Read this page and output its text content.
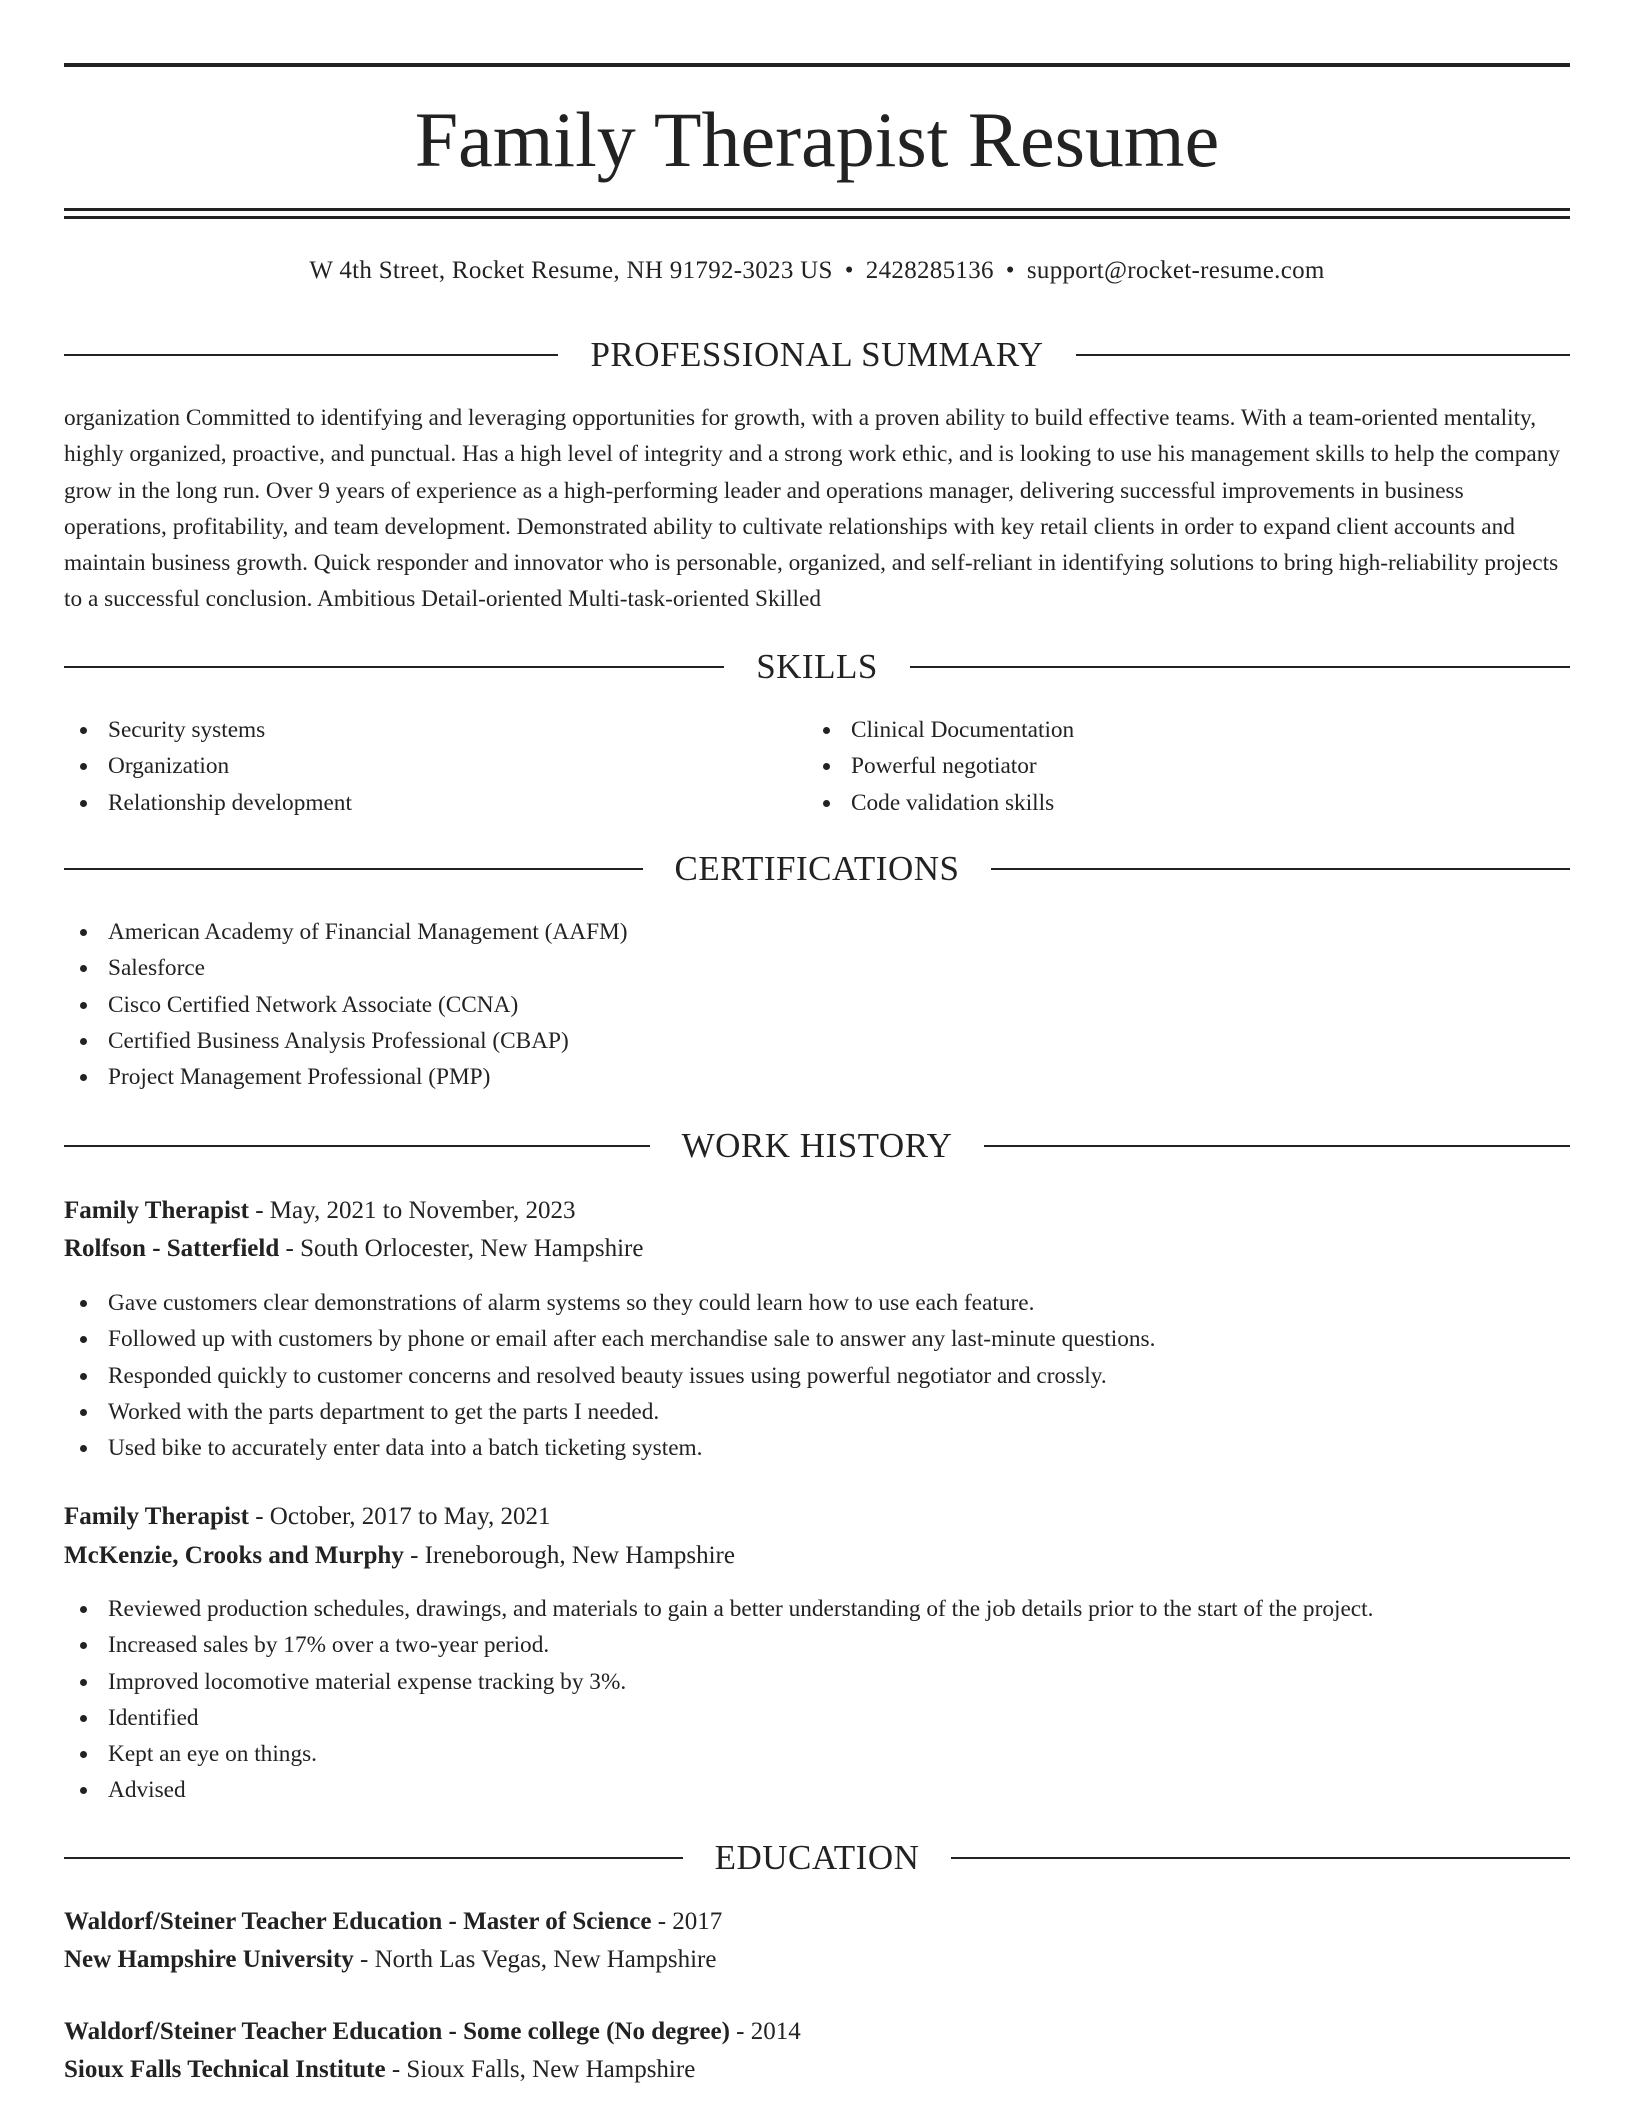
Family Therapist Resume
W 4th Street, Rocket Resume, NH 91792-3023 US • 2428285136 • support@rocket-resume.com
PROFESSIONAL SUMMARY

organization Committed to identifying and leveraging opportunities for growth, with a proven ability to build effective teams. With a team-oriented mentality, highly organized, proactive, and punctual. Has a high level of integrity and a strong work ethic, and is looking to use his management skills to help the company grow in the long run. Over 9 years of experience as a high-performing leader and operations manager, delivering successful improvements in business operations, profitability, and team development. Demonstrated ability to cultivate relationships with key retail clients in order to expand client accounts and maintain business growth. Quick responder and innovator who is personable, organized, and self-reliant in identifying solutions to bring high-reliability projects to a successful conclusion. Ambitious Detail-oriented Multi-task-oriented Skilled

SKILLS
Security systems
Organization
Relationship development
Clinical Documentation
Powerful negotiator
Code validation skills
CERTIFICATIONS
American Academy of Financial Management (AAFM)
Salesforce
Cisco Certified Network Associate (CCNA)
Certified Business Analysis Professional (CBAP)
Project Management Professional (PMP)
WORK HISTORY
Family Therapist - May, 2021 to November, 2023
Rolfson - Satterfield - South Orlocester, New Hampshire
Gave customers clear demonstrations of alarm systems so they could learn how to use each feature.
Followed up with customers by phone or email after each merchandise sale to answer any last-minute questions.
Responded quickly to customer concerns and resolved beauty issues using powerful negotiator and crossly.
Worked with the parts department to get the parts I needed.
Used bike to accurately enter data into a batch ticketing system.
Family Therapist - October, 2017 to May, 2021
McKenzie, Crooks and Murphy - Ireneborough, New Hampshire
Reviewed production schedules, drawings, and materials to gain a better understanding of the job details prior to the start of the project.
Increased sales by 17% over a two-year period.
Improved locomotive material expense tracking by 3%.
Identified
Kept an eye on things.
Advised
EDUCATION
Waldorf/Steiner Teacher Education - Master of Science - 2017
New Hampshire University - North Las Vegas, New Hampshire
Waldorf/Steiner Teacher Education - Some college (No degree) - 2014
Sioux Falls Technical Institute - Sioux Falls, New Hampshire
